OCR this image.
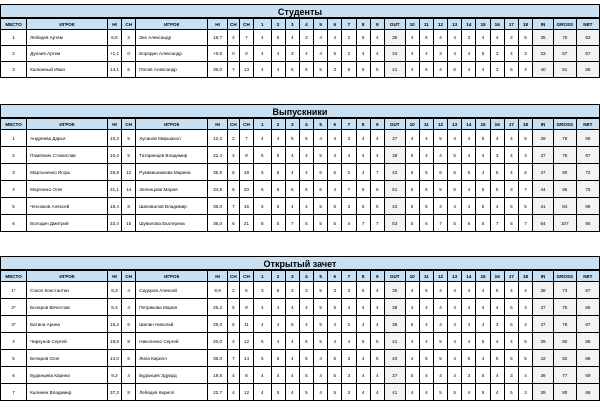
Студенты
МЕСТО	ИГРОК	HI	CH	ИГРОК	HI	CH	CH	1	2	3	4	5	6	7	8	9	OUT	10	11	12	13	14	15	16	17	18	IN	GROSS	NET
1	Лебедев Артем	6,6	3	Зих Александр	18,7	4	7	4	5	4	3	4	4	2	5	4	35	4	5	4	4	3	4	4	2	5	35	70	63
2	Дунаев Артем	+1,1	0	Бородин Александр	+0,6	0	0	4	4	3	4	4	5	2	4	4	34	4	4	3	4	4	5	3	4	3	33	67	67
3	Калюжный Иван	14,1	6	Попов Александр	36,0	7	13	4	4	5	5	5	3	5	5	5	41	4	6	4	6	4	4	3	5	4	40	81	68
Выпускники
МЕСТО	ИГРОК	HI	CH	ИГРОК	HI	CH	CH	1	2	3	4	5	6	7	8	9	OUT	10	11	12	13	14	15	16	17	18	IN	GROSS	NET
1	Андреева Дарья	10,2	5	Хусанов Миршахол	12,2	2	7	4	4	5	5	4	4	3	4	4	37	4	4	5	4	4	5	4	4	5	39	76	69
2	Помялкин Станислав	10,4	5	Татаринцев Владимир	22,4	4	9	5	5	4	4	5	4	4	4	4	39	5	4	4	5	4	4	3	4	4	37	76	67
3	Мартыненко Игорь	26,8	12	Рукавишникова Марина	35,9	6	18	6	5	4	4	6	5	2	4	7	43	6	5	6	6	5	4	5	4	6	47	90	72
4	Марченко Олег	31,1	14	Зеленцова Мария	34,8	6	20	6	6	6	5	6	4	7	5	6	51	5	5	5	5	4	5	5	3	7	44	95	75
5	Чесноков Алексей	18,4	8	Шаповалов Владимир	36,0	7	15	6	5	4	4	5	6	3	5	5	43	5	5	4	4	4	5	4	5	5	41	84	69
6	Володин Дмитрий	33,4	15	Шувалова Екатерина	36,0	6	21	8	5	7	5	5	5	4	7	7	53	5	6	7	5	6	5	7	6	7	54	107	86
Открытый зачет
МЕСТО	ИГРОК	HI	CH	ИГРОК	HI	CH	CH	1	2	3	4	5	6	7	8	9	OUT	10	11	12	13	14	15	16	17	18	IN	GROSS	NET
1*	Сокол Константин	8,3	4	Сидоров Алексей	9,9	2	6	3	5	3	3	5	3	3	5	4	35	4	5	4	4	4	4	5	4	4	38	73	67
2*	Бочаров Вячеслав	8,4	4	Петрикова Мария	26,2	5	9	4	4	4	4	5	5	4	4	4	38	4	4	4	4	4	4	4	5	4	37	75	66
3*	Батина Арина	15,2	6	Шилин Николай	25,0	5	11	4	4	5	4	5	4	2	4	4	36	5	4	4	4	4	4	3	5	4	37	78	67
4	Чиркунов Сергей	18,8	8	Николенко Сергей	20,0	4	12	5	4	4	5	5	4	4	5	5	41	4	4	5	4	4	5	4	4	5	39	80	68
5	Бочаров Олег	14,0	6	Липа Кирилл	36,0	7	14	5	5	4	5	4	5	3	4	5	40	4	5	5	4	5	4	5	5	5	42	82	68
6	Буданцева Карина	9,2	4	Буданцев Эдуард	19,6	4	8	4	4	4	5	4	5	3	4	4	37	5	4	4	4	3	5	4	3	4	36	77	69
7	Калинин Владимир	37,3	8	Лебедев Кирилл	22,7	4	12	4	5	4	5	4	5	3	4	4	41	4	4	5	5	4	5	4	5	3	39	80	68
